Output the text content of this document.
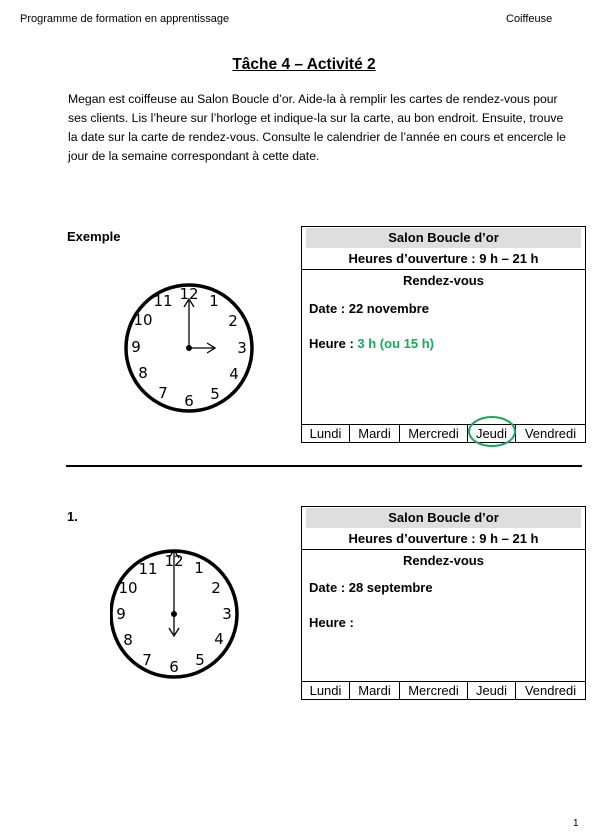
Programme de formation en apprentissage	Coiffeuse
Tâche 4 – Activité 2
Megan est coiffeuse au Salon Boucle d’or. Aide-la à remplir les cartes de rendez-vous pour ses clients. Lis l’heure sur l’horloge et indique-la sur la carte, au bon endroit. Ensuite, trouve la date sur la carte de rendez-vous. Consulte le calendrier de l’année en cours et encercle le jour de la semaine correspondant à cette date.
Exemple
12 1
2
3
4
5
6
7
8
9
10
11
Salon Boucle d’or
Heures d’ouverture : 9 h – 21 h
Rendez-vous
Date : 22 novembre
Heure : 3 h (ou 15 h)
Lundi	Mardi	Mercredi	Jeudi	Vendredi
1.
12 1
2
3
4
5
6
7
8
9
10
11
Salon Boucle d’or
Heures d’ouverture : 9 h – 21 h
Rendez-vous
Date : 28 septembre
Heure :
Lundi	Mardi	Mercredi	Jeudi	Vendredi
1
